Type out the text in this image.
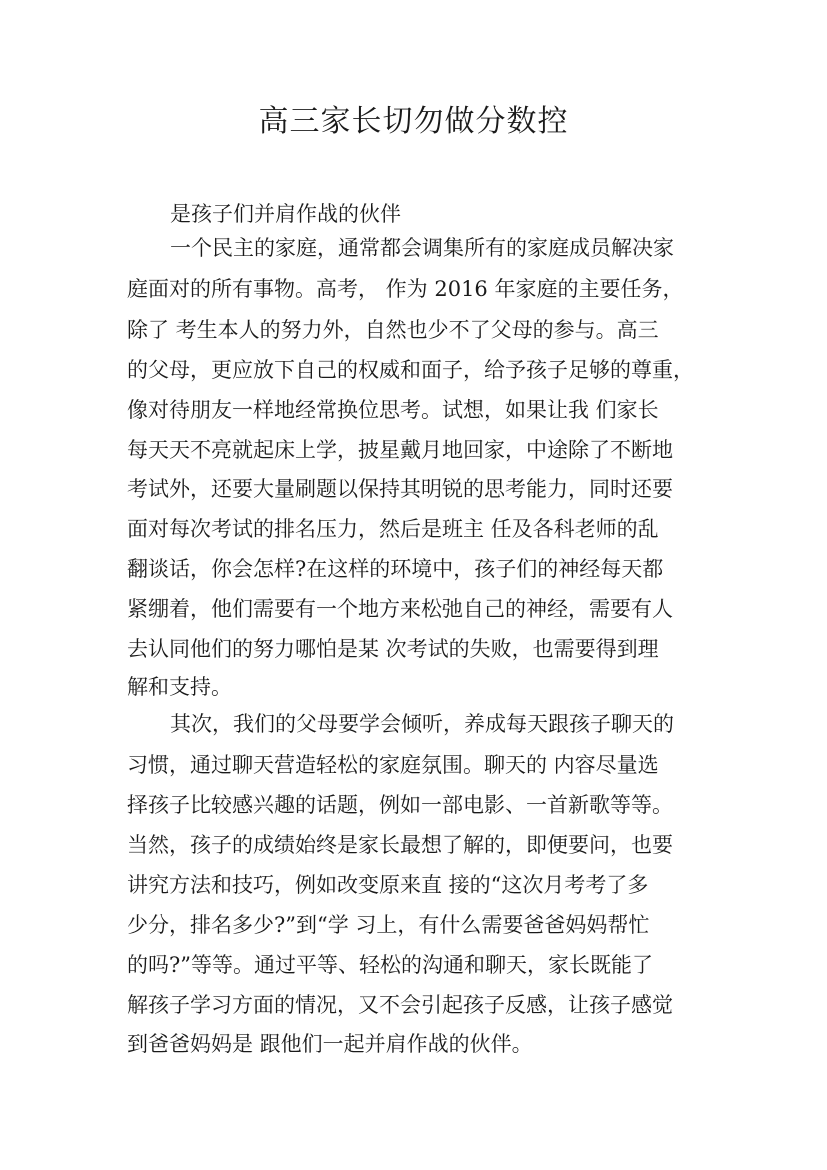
高三家长切勿做分数控

是孩子们并肩作战的伙伴

一个民主的家庭，通常都会调集所有的家庭成员解决家

庭面对的所有事物。高考， 作为 2016 年家庭的主要任务，

除了 考生本人的努力外，自然也少不了父母的参与。高三

的父母，更应放下自己的权威和面子，给予孩子足够的尊重，

像对待朋友一样地经常换位思考。试想，如果让我 们家长

每天天不亮就起床上学，披星戴月地回家，中途除了不断地

考试外，还要大量刷题以保持其明锐的思考能力，同时还要

面对每次考试的排名压力，然后是班主 任及各科老师的乱

翻谈话，你会怎样?在这样的环境中，孩子们的神经每天都

紧绷着，他们需要有一个地方来松弛自己的神经，需要有人

去认同他们的努力哪怕是某 次考试的失败，也需要得到理

解和支持。

其次，我们的父母要学会倾听，养成每天跟孩子聊天的

习惯，通过聊天营造轻松的家庭氛围。聊天的 内容尽量选

择孩子比较感兴趣的话题，例如一部电影、一首新歌等等。

当然，孩子的成绩始终是家长最想了解的，即便要问，也要

讲究方法和技巧，例如改变原来直 接的“这次月考考了多

少分，排名多少?”到“学 习上，有什么需要爸爸妈妈帮忙

的吗?”等等。通过平等、轻松的沟通和聊天，家长既能了

解孩子学习方面的情况，又不会引起孩子反感，让孩子感觉

到爸爸妈妈是 跟他们一起并肩作战的伙伴。
